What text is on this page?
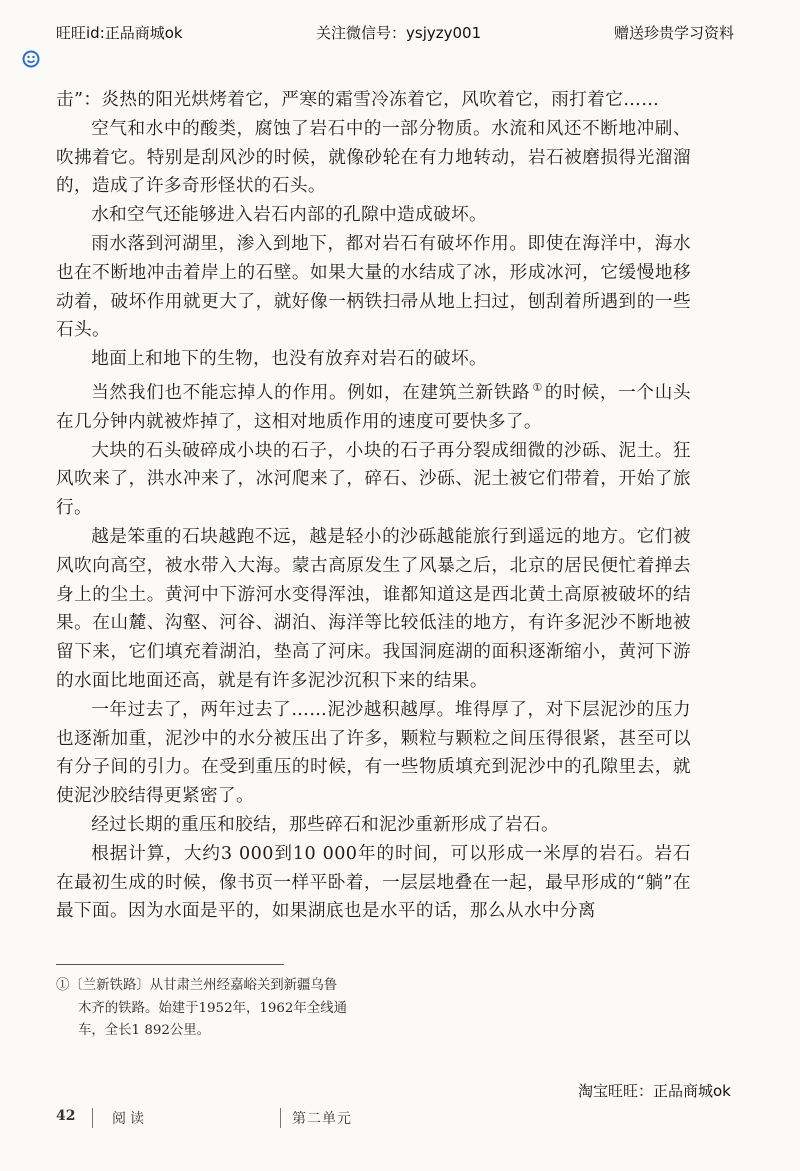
旺旺id:正品商城ok	关注微信号：ysjyzy001	赠送珍贵学习资料

击”：炎热的阳光烘烤着它，严寒的霜雪冷冻着它，风吹着它，雨打着它……

空气和水中的酸类，腐蚀了岩石中的一部分物质。水流和风还不断地冲刷、吹拂着它。特别是刮风沙的时候，就像砂轮在有力地转动，岩石被磨损得光溜溜的，造成了许多奇形怪状的石头。

水和空气还能够进入岩石内部的孔隙中造成破坏。

雨水落到河湖里，渗入到地下，都对岩石有破坏作用。即使在海洋中，海水也在不断地冲击着岸上的石壁。如果大量的水结成了冰，形成冰河，它缓慢地移动着，破坏作用就更大了，就好像一柄铁扫帚从地上扫过，刨刮着所遇到的一些石头。

地面上和地下的生物，也没有放弃对岩石的破坏。

当然我们也不能忘掉人的作用。例如，在建筑兰新铁路 ① 的时候，一个山头在几分钟内就被炸掉了，这相对地质作用的速度可要快多了。

大块的石头破碎成小块的石子，小块的石子再分裂成细微的沙砾、泥土。狂风吹来了，洪水冲来了，冰河爬来了，碎石、沙砾、泥土被它们带着，开始了旅行。

越是笨重的石块越跑不远，越是轻小的沙砾越能旅行到遥远的地方。它们被风吹向高空，被水带入大海。蒙古高原发生了风暴之后，北京的居民便忙着掸去身上的尘土。黄河中下游河水变得浑浊，谁都知道这是西北黄土高原被破坏的结果。在山麓、沟壑、河谷、湖泊、海洋等比较低洼的地方，有许多泥沙不断地被留下来，它们填充着湖泊，垫高了河床。我国洞庭湖的面积逐渐缩小，黄河下游的水面比地面还高，就是有许多泥沙沉积下来的结果。

一年过去了，两年过去了……泥沙越积越厚。堆得厚了，对下层泥沙的压力也逐渐加重，泥沙中的水分被压出了许多，颗粒与颗粒之间压得很紧，甚至可以有分子间的引力。在受到重压的时候，有一些物质填充到泥沙中的孔隙里去，就使泥沙胶结得更紧密了。

经过长期的重压和胶结，那些碎石和泥沙重新形成了岩石。

根据计算，大约3 000到10 000年的时间，可以形成一米厚的岩石。岩石在最初生成的时候，像书页一样平卧着，一层层地叠在一起，最早形成的“躺”在最下面。因为水面是平的，如果湖底也是水平的话，那么从水中分离

①〔兰新铁路〕从甘肃兰州经嘉峪关到新疆乌鲁
木齐的铁路。始建于1952年，1962年全线通
车，全长1 892公里。
淘宝旺旺：正品商城ok
42	阅读	第二单元
